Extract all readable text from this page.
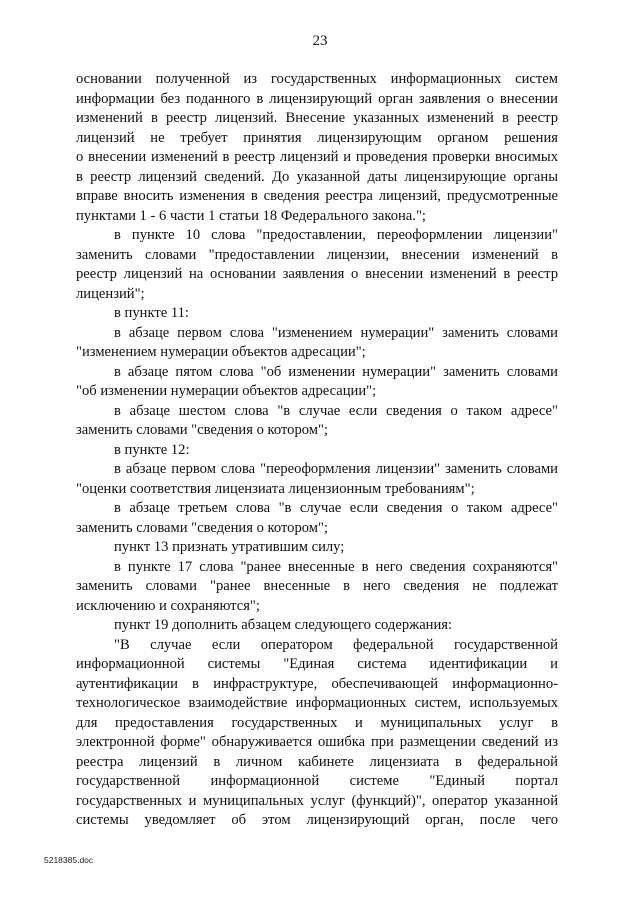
23
основании полученной из государственных информационных систем
информации без поданного в лицензирующий орган заявления о внесении
изменений в реестр лицензий. Внесение указанных изменений в реестр
лицензий не требует принятия лицензирующим органом решения
о внесении изменений в реестр лицензий и проведения проверки вносимых
в реестр лицензий сведений. До указанной даты лицензирующие органы
вправе вносить изменения в сведения реестра лицензий, предусмотренные
пунктами 1 - 6 части 1 статьи 18 Федерального закона.";
в пункте 10 слова "предоставлении, переоформлении лицензии"
заменить словами "предоставлении лицензии, внесении изменений в
реестр лицензий на основании заявления о внесении изменений в реестр
лицензий";
в пункте 11:
в абзаце первом слова "изменением нумерации" заменить словами
"изменением нумерации объектов адресации";
в абзаце пятом слова "об изменении нумерации" заменить словами
"об изменении нумерации объектов адресации";
в абзаце шестом слова "в случае если сведения о таком адресе"
заменить словами "сведения о котором";
в пункте 12:
в абзаце первом слова "переоформления лицензии" заменить словами
"оценки соответствия лицензиата лицензионным требованиям";
в абзаце третьем слова "в случае если сведения о таком адресе"
заменить словами "сведения о котором";
пункт 13 признать утратившим силу;
в пункте 17 слова "ранее внесенные в него сведения сохраняются"
заменить словами "ранее внесенные в него сведения не подлежат
исключению и сохраняются";
пункт 19 дополнить абзацем следующего содержания:
"В случае если оператором федеральной государственной
информационной системы "Единая система идентификации и
аутентификации в инфраструктуре, обеспечивающей информационно-
технологическое взаимодействие информационных систем, используемых
для предоставления государственных и муниципальных услуг в
электронной форме" обнаруживается ошибка при размещении сведений из
реестра лицензий в личном кабинете лицензиата в федеральной
государственной информационной системе "Единый портал
государственных и муниципальных услуг (функций)", оператор указанной
системы уведомляет об этом лицензирующий орган, после чего
5218385.doc
